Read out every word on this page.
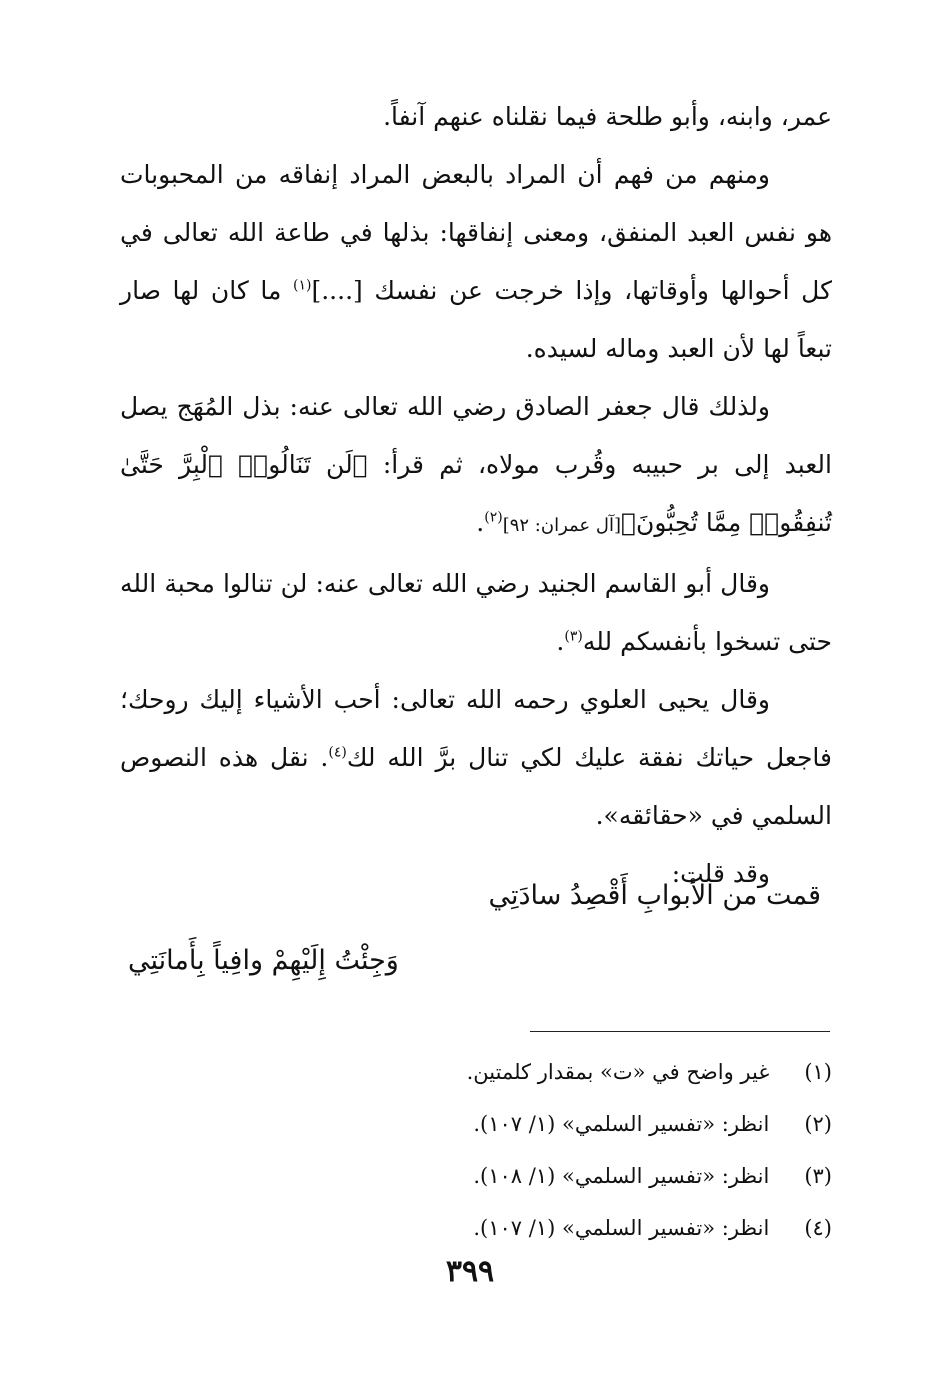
عمر، وابنه، وأبو طلحة فيما نقلناه عنهم آنفاً.

ومنهم من فهم أن المراد بالبعض المراد إنفاقه من المحبوبات هو نفس العبد المنفق، ومعنى إنفاقها: بذلها في طاعة الله تعالى في كل أحوالها وأوقاتها، وإذا خرجت عن نفسك [....]$^{(١)}$ ما كان لها صار تبعاً لها لأن العبد وماله لسيده.

ولذلك قال جعفر الصادق رضي الله تعالى عنه: بذل المُهَج يصل العبد إلى بر حبيبه وقُرب مولاه، ثم قرأ: ﴿لَن تَنَالُوا۟ ٱلْبِرَّ حَتَّىٰ تُنفِقُوا۟ مِمَّا تُحِبُّونَ﴾[آل عمران: ٩٢]$^{(٢)}$.

وقال أبو القاسم الجنيد رضي الله تعالى عنه: لن تنالوا محبة الله حتى تسخوا بأنفسكم لله$^{(٣)}$.

وقال يحيى العلوي رحمه الله تعالى: أحب الأشياء إليك روحك؛ فاجعل حياتك نفقة عليك لكي تنال برَّ الله لك$^{(٤)}$. نقل هذه النصوص السلمي في «حقائقه».

وقد قلت:

قمت من الأبوابِ أَقْصِدُ سادَتِي
وَجِئْتُ إِلَيْهِمْ وافِياً بِأَمانَتِي
(١) غير واضح في «ت» بمقدار كلمتين.
(٢) انظر: «تفسير السلمي» (١/ ١٠٧).
(٣) انظر: «تفسير السلمي» (١/ ١٠٨).
(٤) انظر: «تفسير السلمي» (١/ ١٠٧).
٣٩٩
